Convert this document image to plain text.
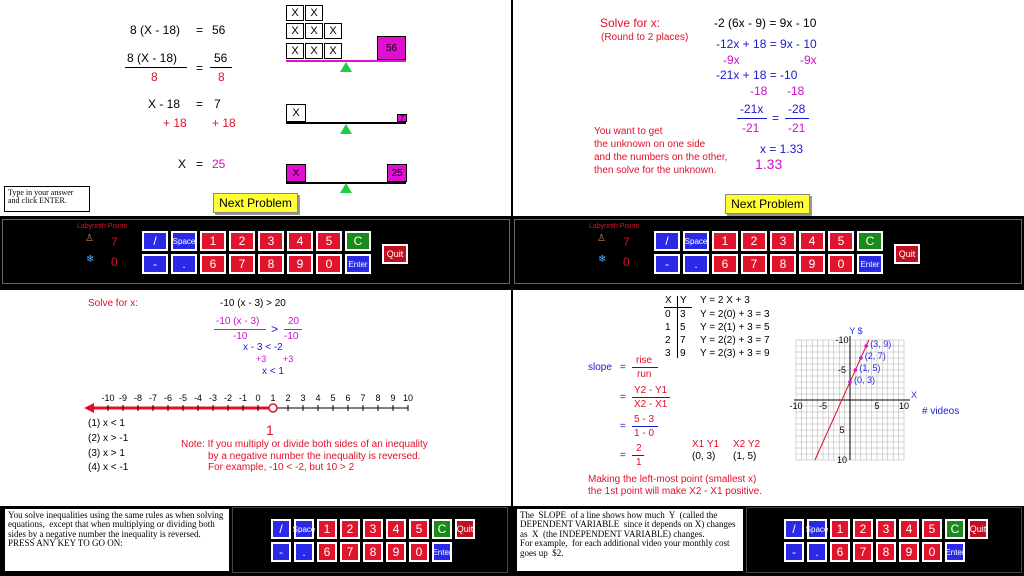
8 (X - 18) = 56
8 (X - 18)
8
=
56
8
X - 18 = 7
+ 18 + 18
X = 25
X	X
X	X	X
X	X	X	56
X	7
X	25
Type in your answer and click ENTER.	Next Problem
Solve for x:
(Round to 2 places)
-2 (6x - 9) = 9x - 10
-12x + 18 = 9x - 10
-9x	-9x
-21x + 18 = -10
-18 -18
-21x -28
=
-21 -21
x = 1.33
1.33
You want to get
the unknown on one side
and the numbers on the other,
then solve for the unknown.
Next Problem
Labyrinth Points
♙ 7
❄ 0
Labyrinth Points
♙ 7
❄ 0
Solve for x:	-10 (x - 3) > 20
-10 (x - 3)
-10
>
20
-10
x - 3 < -2
+3 +3
x < 1
-10 -9 -8 -7 -6 -5 -4 -3 -2 -1 0 1 2 3 4 5 6 7 8 9 10
1
(1) x < 1
(2) x > -1
(3) x > 1
(4) x < -1
Note: If you multiply or divide both sides of an inequality
by a negative number the inequality is reversed.
For example, -10 < -2, but 10 > 2
X Y Y = 2 X + 3
0 3 Y = 2(0) + 3 = 3
1 5 Y = 2(1) + 3 = 5
2 7 Y = 2(2) + 3 = 7
3 9 Y = 2(3) + 3 = 9
slope =
rise
run
=
Y2 - Y1
X2 - X1
=
5 - 3
1 - 0
=
2
1
X1 Y1 X2 Y2
(0, 3) (1, 5)
Making the left-most point (smallest x)
the 1st point will make X2 - X1 positive.
-10
10
-5
5
5
-5
10
-10
(0, 3)
(1, 5)
(2, 7)
(3, 9)
Y $
X
You solve inequalities using the same rules as when solving equations,  except that when multiplying or dividing both sides by a negative number the inequality is reversed.
PRESS ANY KEY TO GO ON:
The  SLOPE  of a line shows how much  Y  (called the DEPENDENT VARIABLE  since it depends on X) changes as  X  (the INDEPENDENT VARIABLE) changes.
For example,  for each additional video your monthly cost goes up  $2.
/	Space	1	2	3	4	5	C
-	.	6	7	8	9	0	Enter
Quit
/	Space	1	2	3	4	5	C
-	.	6	7	8	9	0	Enter
Quit
/	Space 1	2	3	4	5	C
-	.	6	7	8	9	0	Enter
Quit	/	Space 1	2	3	4	5	C
-	.	6	7	8	9	0	Enter
Quit
# videos
